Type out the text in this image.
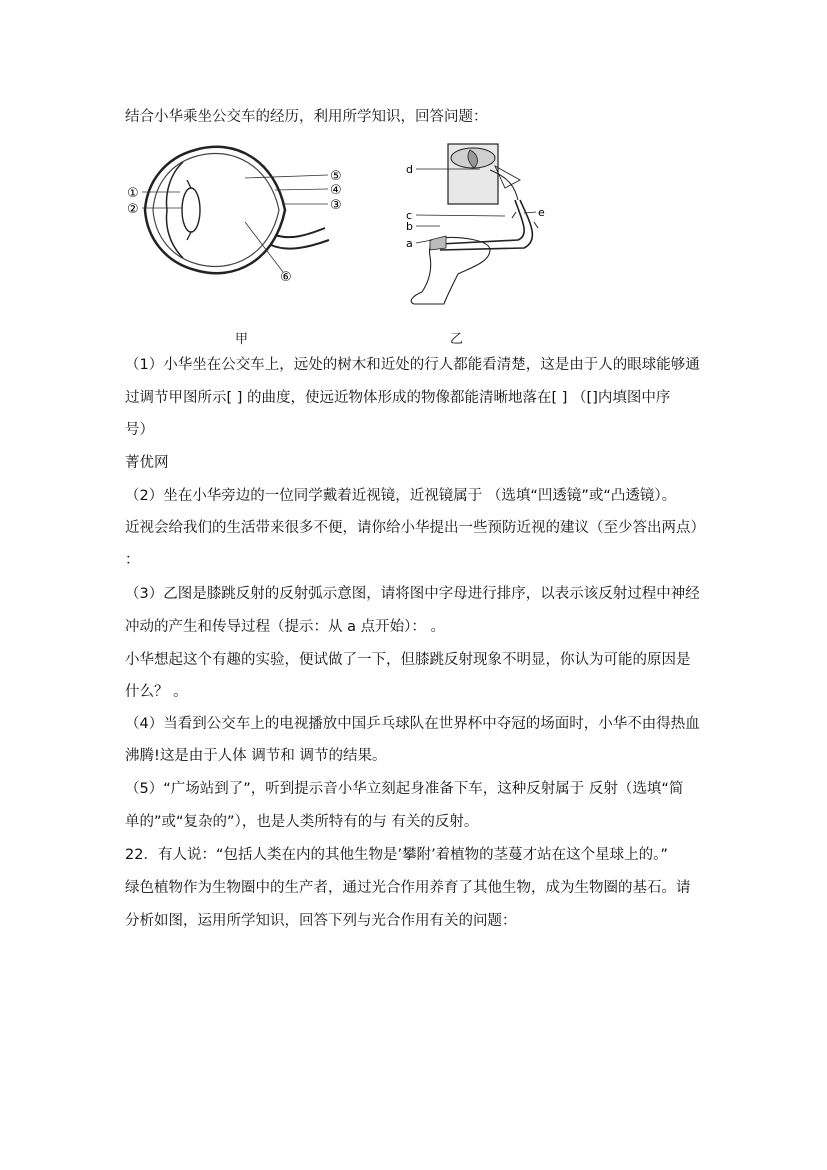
结合小华乘坐公交车的经历，利用所学知识，回答问题：
①
②	③
④
⑤
⑥
d
c
b
a
e
甲	乙
（1）小华坐在公交车上，远处的树木和近处的行人都能看清楚，这是由于人的眼球能够通
过调节甲图所示[ ] 的曲度，使远近物体形成的物像都能清晰地落在[ ] （[]内填图中序
号）
菁优网
（2）坐在小华旁边的一位同学戴着近视镜，近视镜属于 （选填“凹透镜”或“凸透镜）。
近视会给我们的生活带来很多不便，请你给小华提出一些预防近视的建议（至少答出两点）
：
（3）乙图是膝跳反射的反射弧示意图，请将图中字母进行排序，以表示该反射过程中神经
冲动的产生和传导过程（提示：从 a 点开始）： 。
小华想起这个有趣的实验，便试做了一下，但膝跳反射现象不明显，你认为可能的原因是
什么？ 。
（4）当看到公交车上的电视播放中国乒乓球队在世界杯中夺冠的场面时，小华不由得热血
沸腾!这是由于人体 调节和 调节的结果。
（5）“广场站到了”，听到提示音小华立刻起身准备下车，这种反射属于 反射（选填“简
单的”或“复杂的”），也是人类所特有的与 有关的反射。
22．有人说：“包括人类在内的其他生物是’攀附’着植物的茎蔓才站在这个星球上的。”
绿色植物作为生物圈中的生产者，通过光合作用养育了其他生物，成为生物圈的基石。请
分析如图，运用所学知识，回答下列与光合作用有关的问题：
